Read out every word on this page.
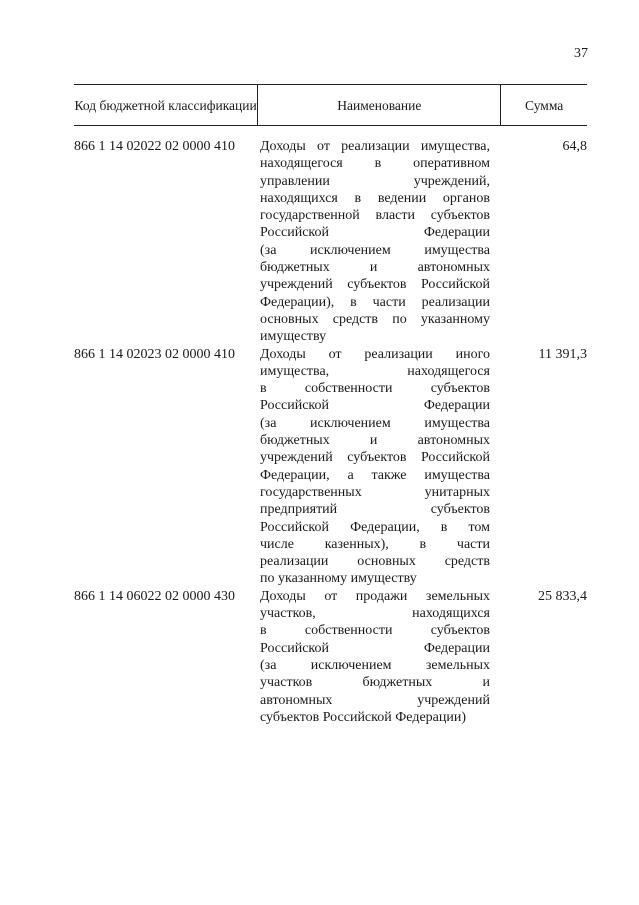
37
Код бюджетной классификации	Наименование	Сумма
866 1 14 02022 02 0000 410	Доходы от реализации имущества,
находящегося в оперативном
управлении учреждений,
находящихся в ведении органов
государственной власти субъектов
Российской Федерации
(за исключением имущества
бюджетных и автономных
учреждений субъектов Российской
Федерации), в части реализации
основных средств по указанному
имуществу
64,8
866 1 14 02023 02 0000 410	Доходы от реализации иного
имущества, находящегося
в собственности субъектов
Российской Федерации
(за исключением имущества
бюджетных и автономных
учреждений субъектов Российской
Федерации, а также имущества
государственных унитарных
предприятий субъектов
Российской Федерации, в том
числе казенных), в части
реализации основных средств
по указанному имуществу
11 391,3
866 1 14 06022 02 0000 430	Доходы от продажи земельных
участков, находящихся
в собственности субъектов
Российской Федерации
(за исключением земельных
участков бюджетных и
автономных учреждений
субъектов Российской Федерации)
25 833,4
